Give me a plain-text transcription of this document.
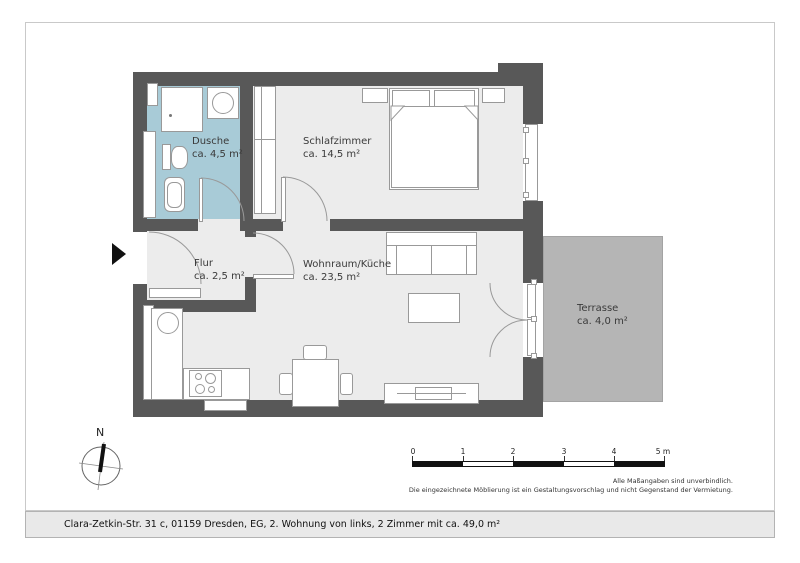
Dusche
ca. 4,5 m²
Schlafzimmer
ca. 14,5 m²
Flur
ca. 2,5 m²
Wohnraum/Küche
ca. 23,5 m²
Terrasse
ca. 4,0 m²
N
0	1	2	3	4	5 m
Alle Maßangaben sind unverbindlich.
Die eingezeichnete Möblierung ist ein Gestaltungsvorschlag und nicht Gegenstand der Vermietung.
Clara-Zetkin-Str. 31 c, 01159 Dresden, EG, 2. Wohnung von links, 2 Zimmer mit ca. 49,0 m²
